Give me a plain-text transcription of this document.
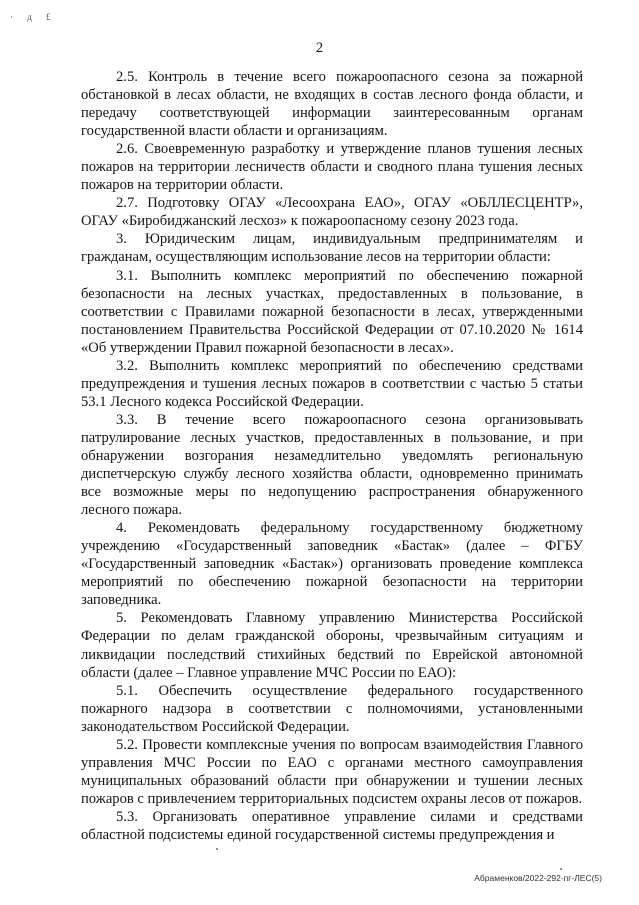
· д £
2

2.5. Контроль в течение всего пожароопасного сезона за пожарной обстановкой в лесах области, не входящих в состав лесного фонда области, и передачу соответствующей информации заинтересованным органам государственной власти области и организациям.

2.6. Своевременную разработку и утверждение планов тушения лесных пожаров на территории лесничеств области и сводного плана тушения лесных пожаров на территории области.

2.7. Подготовку ОГАУ «Лесоохрана ЕАО», ОГАУ «ОБЛЛЕСЦЕНТР», ОГАУ «Биробиджанский лесхоз» к пожароопасному сезону 2023 года.

3. Юридическим лицам, индивидуальным предпринимателям и гражданам, осуществляющим использование лесов на территории области:

3.1. Выполнить комплекс мероприятий по обеспечению пожарной безопасности на лесных участках, предоставленных в пользование, в соответствии с Правилами пожарной безопасности в лесах, утвержденными постановлением Правительства Российской Федерации от 07.10.2020 № 1614 «Об утверждении Правил пожарной безопасности в лесах».

3.2. Выполнить комплекс мероприятий по обеспечению средствами предупреждения и тушения лесных пожаров в соответствии с частью 5 статьи 53.1 Лесного кодекса Российской Федерации.

3.3. В течение всего пожароопасного сезона организовывать патрулирование лесных участков, предоставленных в пользование, и при обнаружении возгорания незамедлительно уведомлять региональную диспетчерскую службу лесного хозяйства области, одновременно принимать все возможные меры по недопущению распространения обнаруженного лесного пожара.

4. Рекомендовать федеральному государственному бюджетному учреждению «Государственный заповедник «Бастак» (далее – ФГБУ «Государственный заповедник «Бастак») организовать проведение комплекса мероприятий по обеспечению пожарной безопасности на территории заповедника.

5. Рекомендовать Главному управлению Министерства Российской Федерации по делам гражданской обороны, чрезвычайным ситуациям и ликвидации последствий стихийных бедствий по Еврейской автономной области (далее – Главное управление МЧС России по ЕАО):

5.1. Обеспечить осуществление федерального государственного пожарного надзора в соответствии с полномочиями, установленными законодательством Российской Федерации.

5.2. Провести комплексные учения по вопросам взаимодействия Главного управления МЧС России по ЕАО с органами местного самоуправления муниципальных образований области при обнаружении и тушении лесных пожаров с привлечением территориальных подсистем охраны лесов от пожаров.

5.3. Организовать оперативное управление силами и средствами областной подсистемы единой государственной системы предупреждения и

Абраменков/2022-292-пг-ЛЕС(5)
